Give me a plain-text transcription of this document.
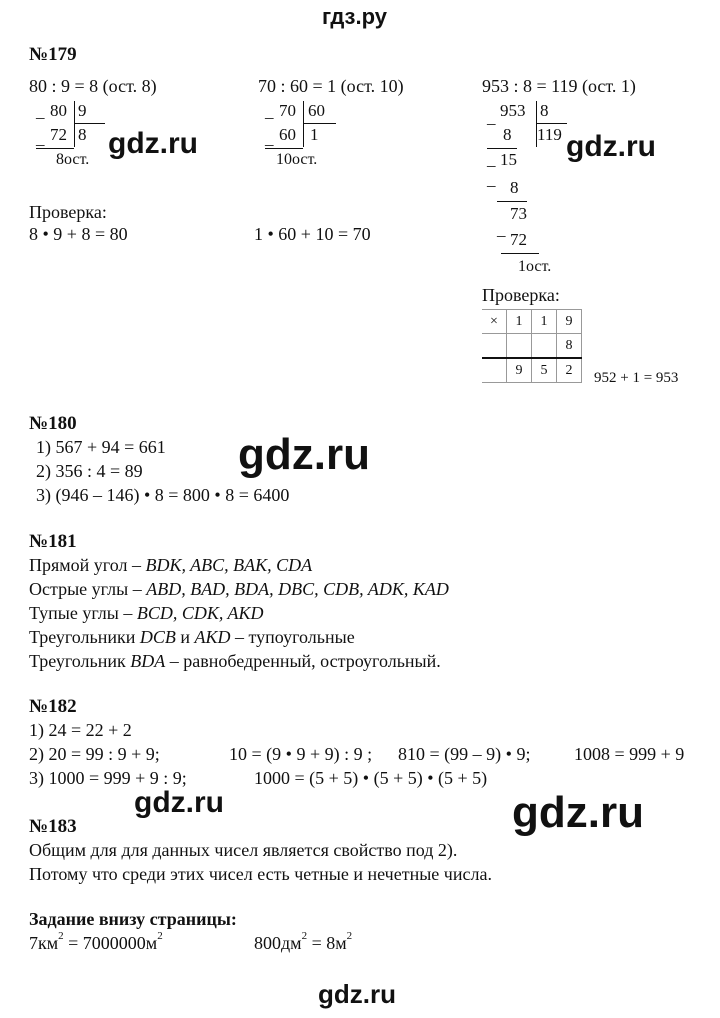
гдз.ру
№179
80 : 9 = 8 (ост. 8)	70 : 60 = 1 (ост. 10)	953 : 8 = 119 (ост. 1)
_ 80 9
72 8
_
8ост.
_ 70 60
60 1
_
10ост.
_ 953 8
8 119
_ 15
_ 8
73
_
72
1ост.
Проверка:
8 • 9 + 8 = 80	1 • 60 + 10 = 70
Проверка:
×	1	1	9
			8
	9	5	2 952 + 1 = 953
№180
1) 567 + 94 = 661
2) 356 : 4 = 89
3) (946 – 146) • 8 = 800 • 8 = 6400
№181
Прямой угол – BDK, ABC, BAK, CDA
Острые углы – ABD, BAD, BDA, DBC, CDB, ADK, KAD
Тупые углы – BCD, CDK, AKD
Треугольники DCB и AKD – тупоугольные
Треугольник BDA – равнобедренный, остроугольный.
№182
1) 24 = 22 + 2
2) 20 = 99 : 9 + 9;	10 = (9 • 9 + 9) : 9 ; 810 = (99 – 9) • 9; 1008 = 999 + 9
3) 1000 = 999 + 9 : 9;	1000 = (5 + 5) • (5 + 5) • (5 + 5)
№183
Общим для для данных чисел является свойство под 2).
Потому что среди этих чисел есть четные и нечетные числа.
Задание внизу страницы:
$7км^2 = 7000000м^2$	$800дм^2 = 8м^2$
gdz.ru	gdz.ru
gdz.ru
gdz.ru	gdz.ru
gdz.ru
